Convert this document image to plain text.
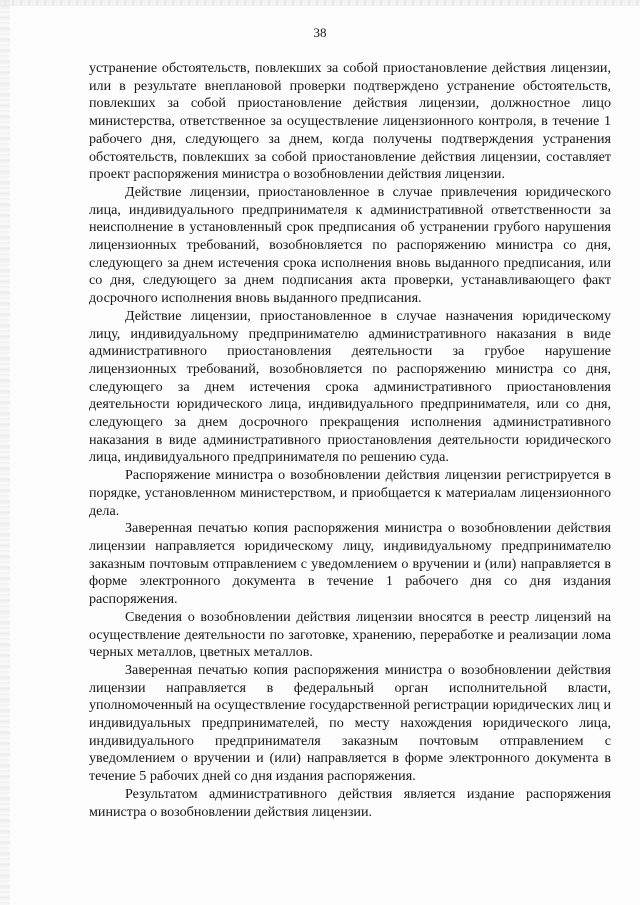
38

устранение обстоятельств, повлекших за собой приостановление действия лицензии, или в результате внеплановой проверки подтверждено устранение обстоятельств, повлекших за собой приостановление действия лицензии, должностное лицо министерства, ответственное за осуществление лицензионного контроля, в течение 1 рабочего дня, следующего за днем, когда получены подтверждения устранения обстоятельств, повлекших за собой приостановление действия лицензии, составляет проект распоряжения министра о возобновлении действия лицензии.

Действие лицензии, приостановленное в случае привлечения юридического лица, индивидуального предпринимателя к административной ответственности за неисполнение в установленный срок предписания об устранении грубого нарушения лицензионных требований, возобновляется по распоряжению министра со дня, следующего за днем истечения срока исполнения вновь выданного предписания, или со дня, следующего за днем подписания акта проверки, устанавливающего факт досрочного исполнения вновь выданного предписания.

Действие лицензии, приостановленное в случае назначения юридическому лицу, индивидуальному предпринимателю административного наказания в виде административного приостановления деятельности за грубое нарушение лицензионных требований, возобновляется по распоряжению министра со дня, следующего за днем истечения срока административного приостановления деятельности юридического лица, индивидуального предпринимателя, или со дня, следующего за днем досрочного прекращения исполнения административного наказания в виде административного приостановления деятельности юридического лица, индивидуального предпринимателя по решению суда.

Распоряжение министра о возобновлении действия лицензии регистрируется в порядке, установленном министерством, и приобщается к материалам лицензионного дела.

Заверенная печатью копия распоряжения министра о возобновлении действия лицензии направляется юридическому лицу, индивидуальному предпринимателю заказным почтовым отправлением с уведомлением о вручении и (или) направляется в форме электронного документа в течение 1 рабочего дня со дня издания распоряжения.

Сведения о возобновлении действия лицензии вносятся в реестр лицензий на осуществление деятельности по заготовке, хранению, переработке и реализации лома черных металлов, цветных металлов.

Заверенная печатью копия распоряжения министра о возобновлении действия лицензии направляется в федеральный орган исполнительной власти, уполномоченный на осуществление государственной регистрации юридических лиц и индивидуальных предпринимателей, по месту нахождения юридического лица, индивидуального предпринимателя заказным почтовым отправлением с уведомлением о вручении и (или) направляется в форме электронного документа в течение 5 рабочих дней со дня издания распоряжения.

Результатом административного действия является издание распоряжения министра о возобновлении действия лицензии.
